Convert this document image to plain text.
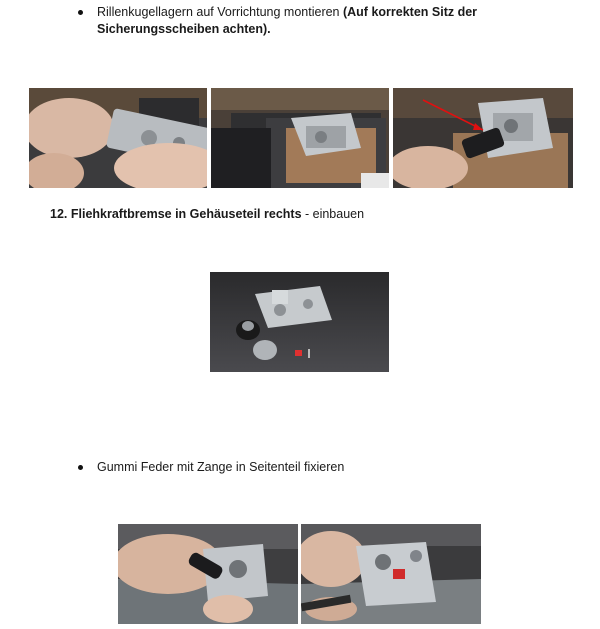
Rillenkugellagern auf Vorrichtung montieren (Auf korrekten Sitz der
Sicherungsscheiben achten).
12. Fliehkraftbremse in Gehäuseteil rechts - einbauen
Gummi Feder mit Zange in Seitenteil fixieren
